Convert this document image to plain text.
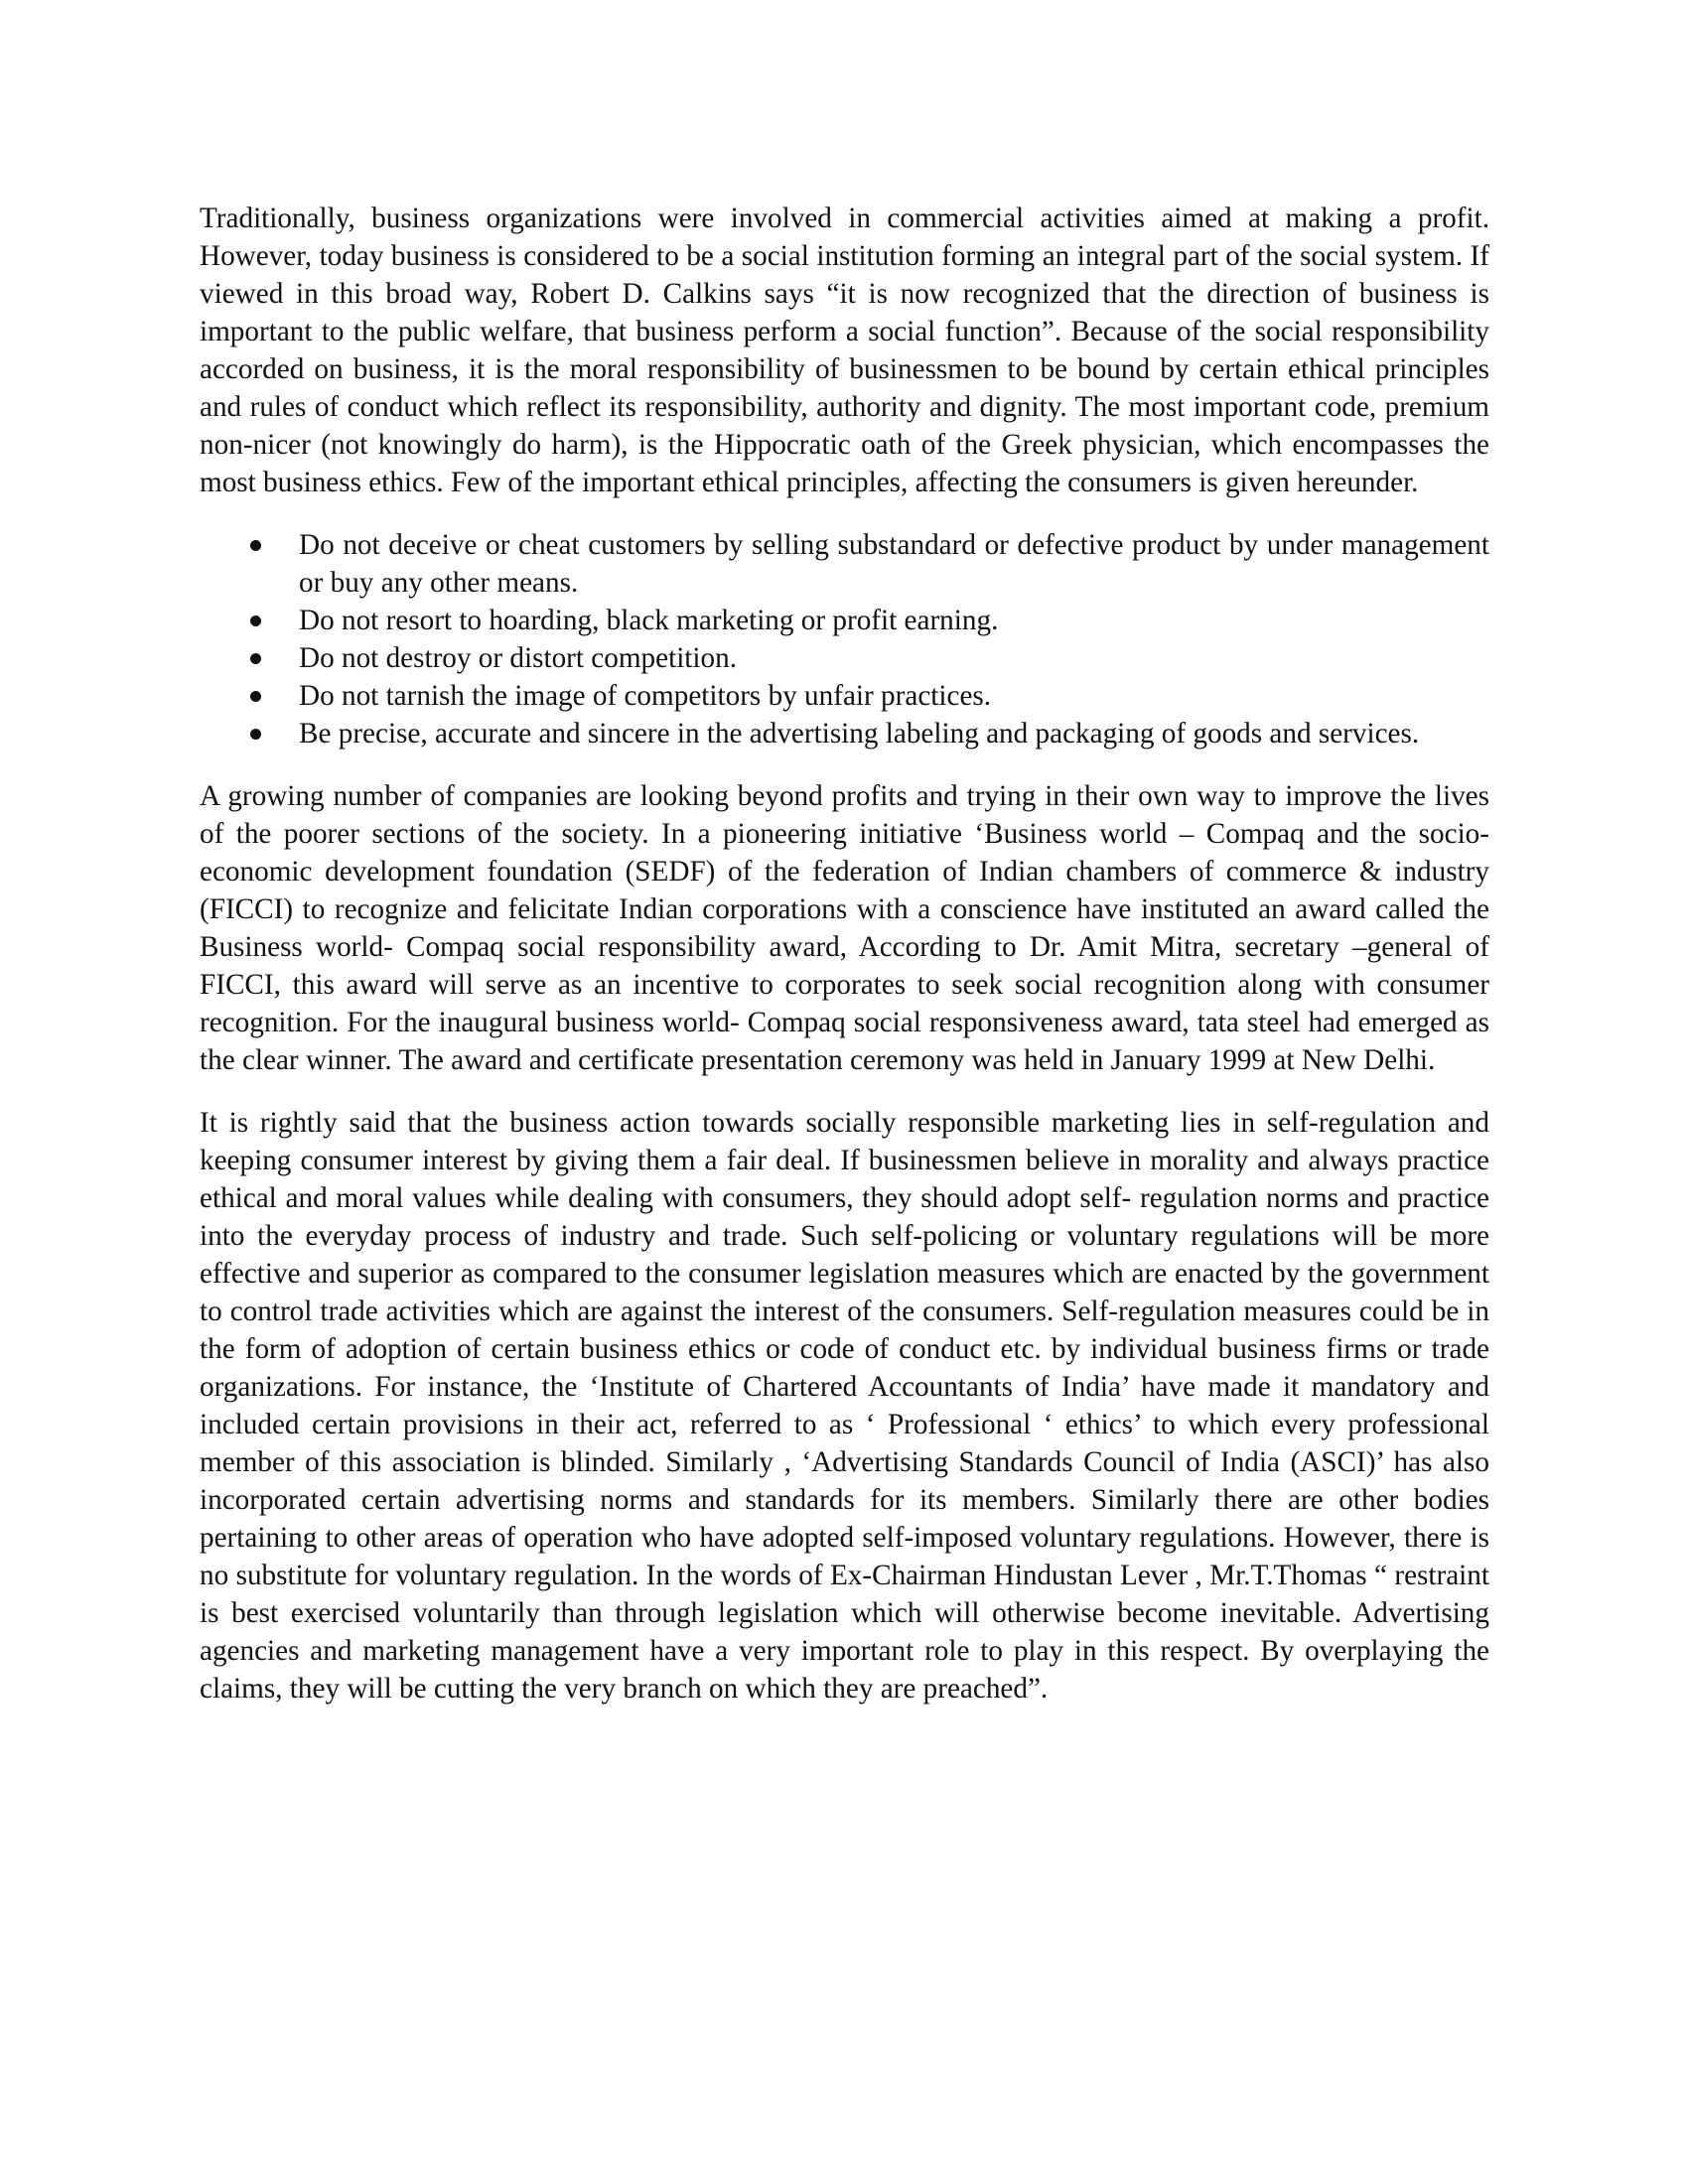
Traditionally, business organizations were involved in commercial activities aimed at making a profit. However, today business is considered to be a social institution forming an integral part of the social system. If viewed in this broad way, Robert D. Calkins says “it is now recognized that the direction of business is important to the public welfare, that business perform a social function”. Because of the social responsibility accorded on business, it is the moral responsibility of businessmen to be bound by certain ethical principles and rules of conduct which reflect its responsibility, authority and dignity. The most important code, premium non-nicer (not knowingly do harm), is the Hippocratic oath of the Greek physician, which encompasses the most business ethics. Few of the important ethical principles, affecting the consumers is given hereunder.

Do not deceive or cheat customers by selling substandard or defective product by under management or buy any other means.
Do not resort to hoarding, black marketing or profit earning.
Do not destroy or distort competition.
Do not tarnish the image of competitors by unfair practices.
Be precise, accurate and sincere in the advertising labeling and packaging of goods and services.

A growing number of companies are looking beyond profits and trying in their own way to improve the lives of the poorer sections of the society. In a pioneering initiative ‘Business world – Compaq and the socio- economic development foundation (SEDF) of the federation of Indian chambers of commerce & industry (FICCI) to recognize and felicitate Indian corporations with a conscience have instituted an award called the Business world- Compaq social responsibility award, According to Dr. Amit Mitra, secretary –general of FICCI, this award will serve as an incentive to corporates to seek social recognition along with consumer recognition. For the inaugural business world- Compaq social responsiveness award, tata steel had emerged as the clear winner. The award and certificate presentation ceremony was held in January 1999 at New Delhi.

It is rightly said that the business action towards socially responsible marketing lies in self-regulation and keeping consumer interest by giving them a fair deal. If businessmen believe in morality and always practice ethical and moral values while dealing with consumers, they should adopt self- regulation norms and practice into the everyday process of industry and trade. Such self-policing or voluntary regulations will be more effective and superior as compared to the consumer legislation measures which are enacted by the government to control trade activities which are against the interest of the consumers. Self-regulation measures could be in the form of adoption of certain business ethics or code of conduct etc. by individual business firms or trade organizations. For instance, the ‘Institute of Chartered Accountants of India’ have made it mandatory and included certain provisions in their act, referred to as ‘ Professional ‘ ethics’ to which every professional member of this association is blinded. Similarly , ‘Advertising Standards Council of India (ASCI)’ has also incorporated certain advertising norms and standards for its members. Similarly there are other bodies pertaining to other areas of operation who have adopted self-imposed voluntary regulations. However, there is no substitute for voluntary regulation. In the words of Ex-Chairman Hindustan Lever , Mr.T.Thomas “ restraint is best exercised voluntarily than through legislation which will otherwise become inevitable. Advertising agencies and marketing management have a very important role to play in this respect. By overplaying the claims, they will be cutting the very branch on which they are preached”.
